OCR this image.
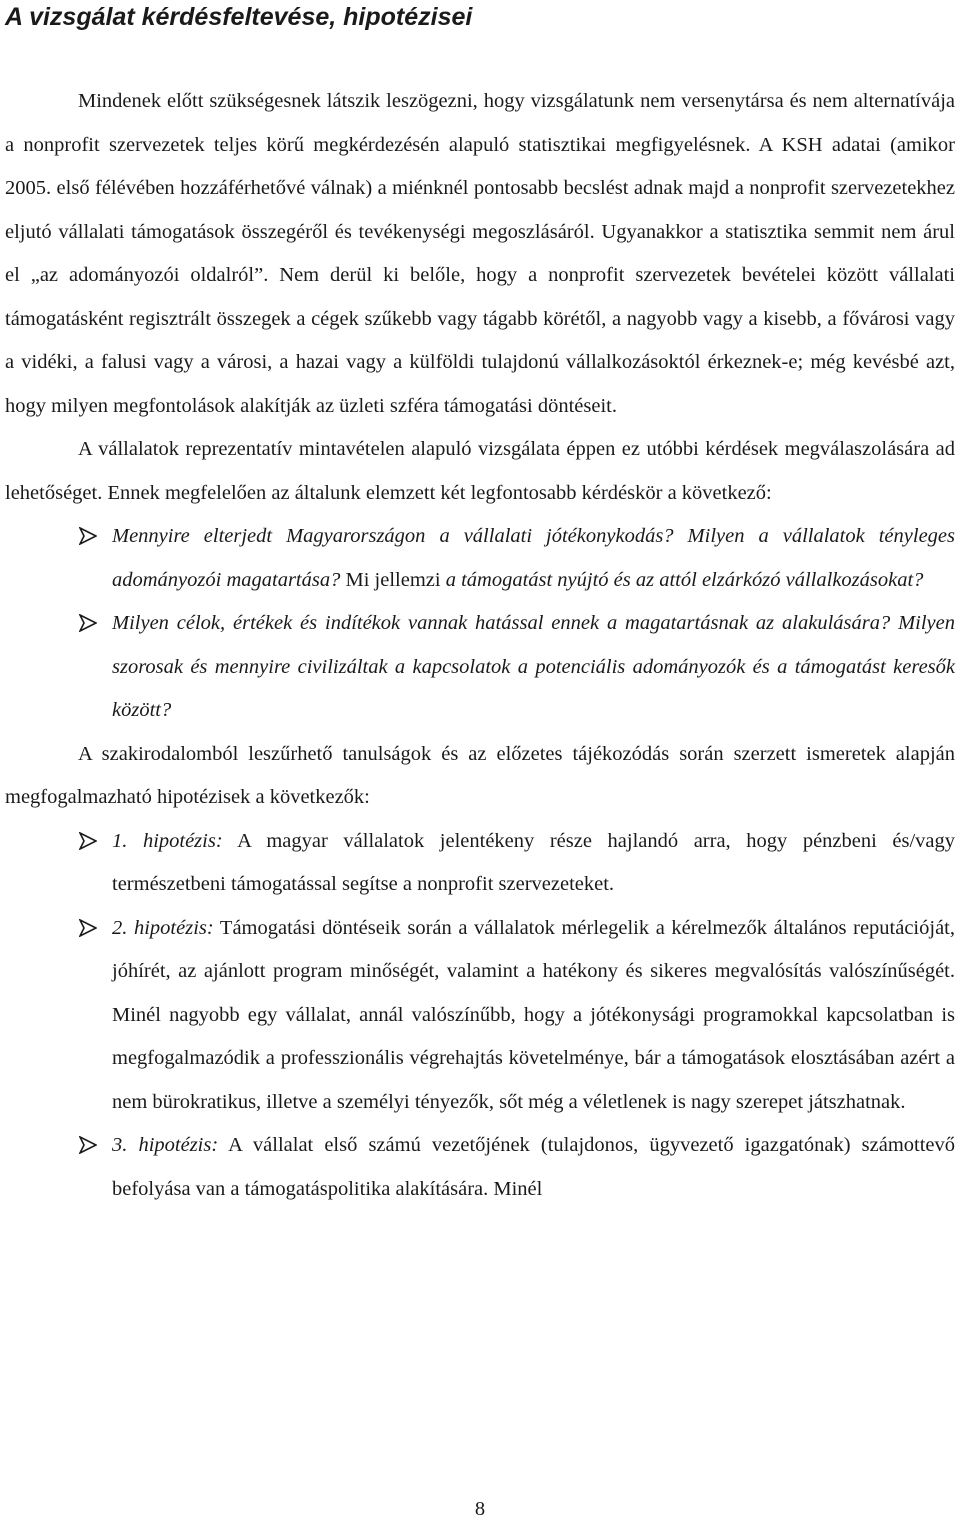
A vizsgálat kérdésfeltevése, hipotézisei

Mindenek előtt szükségesnek látszik leszögezni, hogy vizsgálatunk nem versenytársa és nem alternatívája a nonprofit szervezetek teljes körű megkérdezésén alapuló statisztikai megfigyelésnek. A KSH adatai (amikor 2005. első félévében hozzáférhetővé válnak) a miénknél pontosabb becslést adnak majd a nonprofit szervezetekhez eljutó vállalati támogatások összegéről és tevékenységi megoszlásáról. Ugyanakkor a statisztika semmit nem árul el „az adományozói oldalról”. Nem derül ki belőle, hogy a nonprofit szervezetek bevételei között vállalati támogatásként regisztrált összegek a cégek szűkebb vagy tágabb körétől, a nagyobb vagy a kisebb, a fővárosi vagy a vidéki, a falusi vagy a városi, a hazai vagy a külföldi tulajdonú vállalkozásoktól érkeznek-e; még kevésbé azt, hogy milyen megfontolások alakítják az üzleti szféra támogatási döntéseit.

A vállalatok reprezentatív mintavételen alapuló vizsgálata éppen ez utóbbi kérdések megválaszolására ad lehetőséget. Ennek megfelelően az általunk elemzett két legfontosabb kérdéskör a következő:

Mennyire elterjedt Magyarországon a vállalati jótékonykodás? Milyen a vállalatok tényleges adományozói magatartása? Mi jellemzi a támogatást nyújtó és az attól elzárkózó vállalkozásokat?
Milyen célok, értékek és indítékok vannak hatással ennek a magatartásnak az alakulására? Milyen szorosak és mennyire civilizáltak a kapcsolatok a potenciális adományozók és a támogatást keresők között?

A szakirodalomból leszűrhető tanulságok és az előzetes tájékozódás során szerzett ismeretek alapján megfogalmazható hipotézisek a következők:

1. hipotézis: A magyar vállalatok jelentékeny része hajlandó arra, hogy pénzbeni és/vagy természetbeni támogatással segítse a nonprofit szervezeteket.
2. hipotézis: Támogatási döntéseik során a vállalatok mérlegelik a kérelmezők általános reputációját, jóhírét, az ajánlott program minőségét, valamint a hatékony és sikeres megvalósítás valószínűségét. Minél nagyobb egy vállalat, annál valószínűbb, hogy a jótékonysági programokkal kapcsolatban is megfogalmazódik a professzionális végrehajtás követelménye, bár a támogatások elosztásában azért a nem bürokratikus, illetve a személyi tényezők, sőt még a véletlenek is nagy szerepet játszhatnak.
3. hipotézis: A vállalat első számú vezetőjének (tulajdonos, ügyvezető igazgatónak) számottevő befolyása van a támogatáspolitika alakítására. Minél
8
